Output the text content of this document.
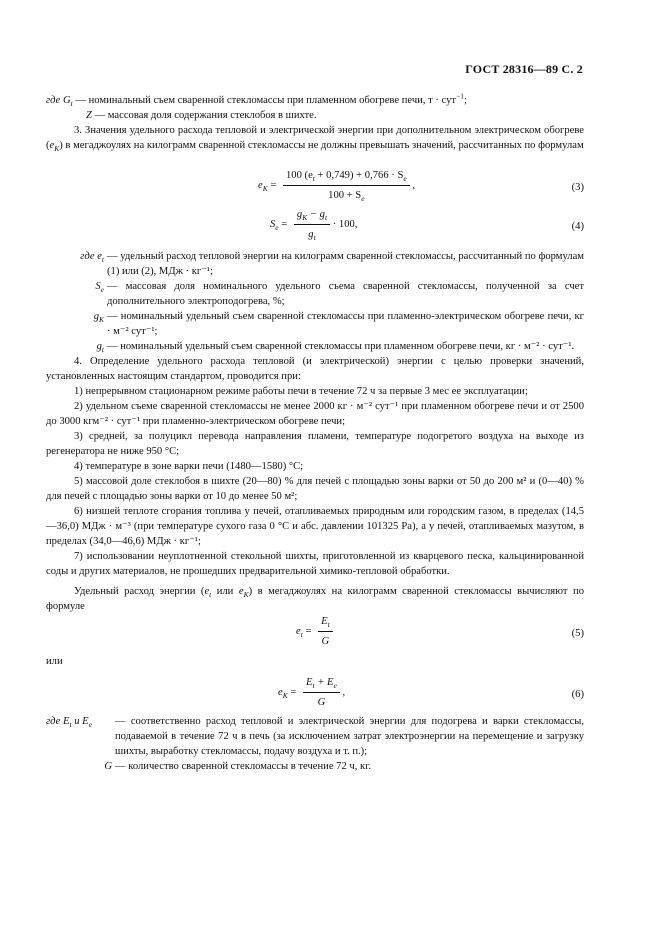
ГОСТ 28316—89 С. 2

где $G_t$ — номинальный съем сваренной стекломассы при пламенном обогреве печи, т · сут$^{-1}$;

Z — массовая доля содержания стеклобоя в шихте.

3. Значения удельного расхода тепловой и электрической энергии при дополнительном электрическом обогреве $(e_K)$ в мегаджоулях на килограмм сваренной стекломассы не должны превышать значений, рассчитанных по формулам

$e_K = \frac{100 (e_t + 0,749) + 0,766 \cdot S_e}{100 + S_e}$ ,	(3)
$S_e = \frac{g_K - g_t}{g_t} \cdot 100$,	(4)
где $e_t$ — удельный расход тепловой энергии на килограмм сваренной стекломассы, рассчитанный по формулам (1) или (2), МДж · кг⁻¹;
$S_e$ — массовая доля номинального удельного съема сваренной стекломассы, полученной за счет дополнительного электроподогрева, %;
$g_K$ — номинальный удельный съем сваренной стекломассы при пламенно-электрическом обогреве печи, кг · м⁻² сут⁻¹;
$g_t$ — номинальный удельный съем сваренной стекломассы при пламенном обогреве печи, кг · м⁻² · сут⁻¹.

4. Определение удельного расхода тепловой (и электрической) энергии с целью проверки значений, установленных настоящим стандартом, проводится при:

1) непрерывном стационарном режиме работы печи в течение 72 ч за первые 3 мес ее эксплуатации;

2) удельном съеме сваренной стекломассы не менее 2000 кг · м⁻² сут⁻¹ при пламенном обогреве печи и от 2500 до 3000 кгм⁻² · сут⁻¹ при пламенно-электрическом обогреве печи;

3) средней, за полуцикл перевода направления пламени, температуре подогретого воздуха на выходе из регенератора не ниже 950 °С;

4) температуре в зоне варки печи (1480—1580) °С;

5) массовой доле стеклобоя в шихте (20—80) % для печей с площадью зоны варки от 50 до 200 м² и (0—40) % для печей с площадью зоны варки от 10 до менее 50 м²;

6) низшей теплоте сгорания топлива у печей, отапливаемых природным или городским газом, в пределах (14,5—36,0) МДж · м⁻³ (при температуре сухого газа 0 °С и абс. давлении 101325 Ра), а у печей, отапливаемых мазутом, в пределах (34,0—46,6) МДж · кг⁻¹;

7) использовании неуплотненной стекольной шихты, приготовленной из кварцевого песка, кальцинированной соды и других материалов, не прошедших предварительной химико-тепловой обработки.

Удельный расход энергии ($e_t$ или $e_K$) в мегаджоулях на килограмм сваренной стекломассы вычисляют по формуле

$e_t = \frac{E_t}{G}$	(5)
или
$e_K = \frac{E_t + E_e}{G}$ ,	(6)
где $E_t$ и $E_e$	— соответственно расход тепловой и электрической энергии для подогрева и варки стекломассы, подаваемой в течение 72 ч в печь (за исключением затрат электроэнергии на перемещение и загрузку шихты, выработку стекломассы, подачу воздуха и т. п.);
G — количество сваренной стекломассы в течение 72 ч, кг.
